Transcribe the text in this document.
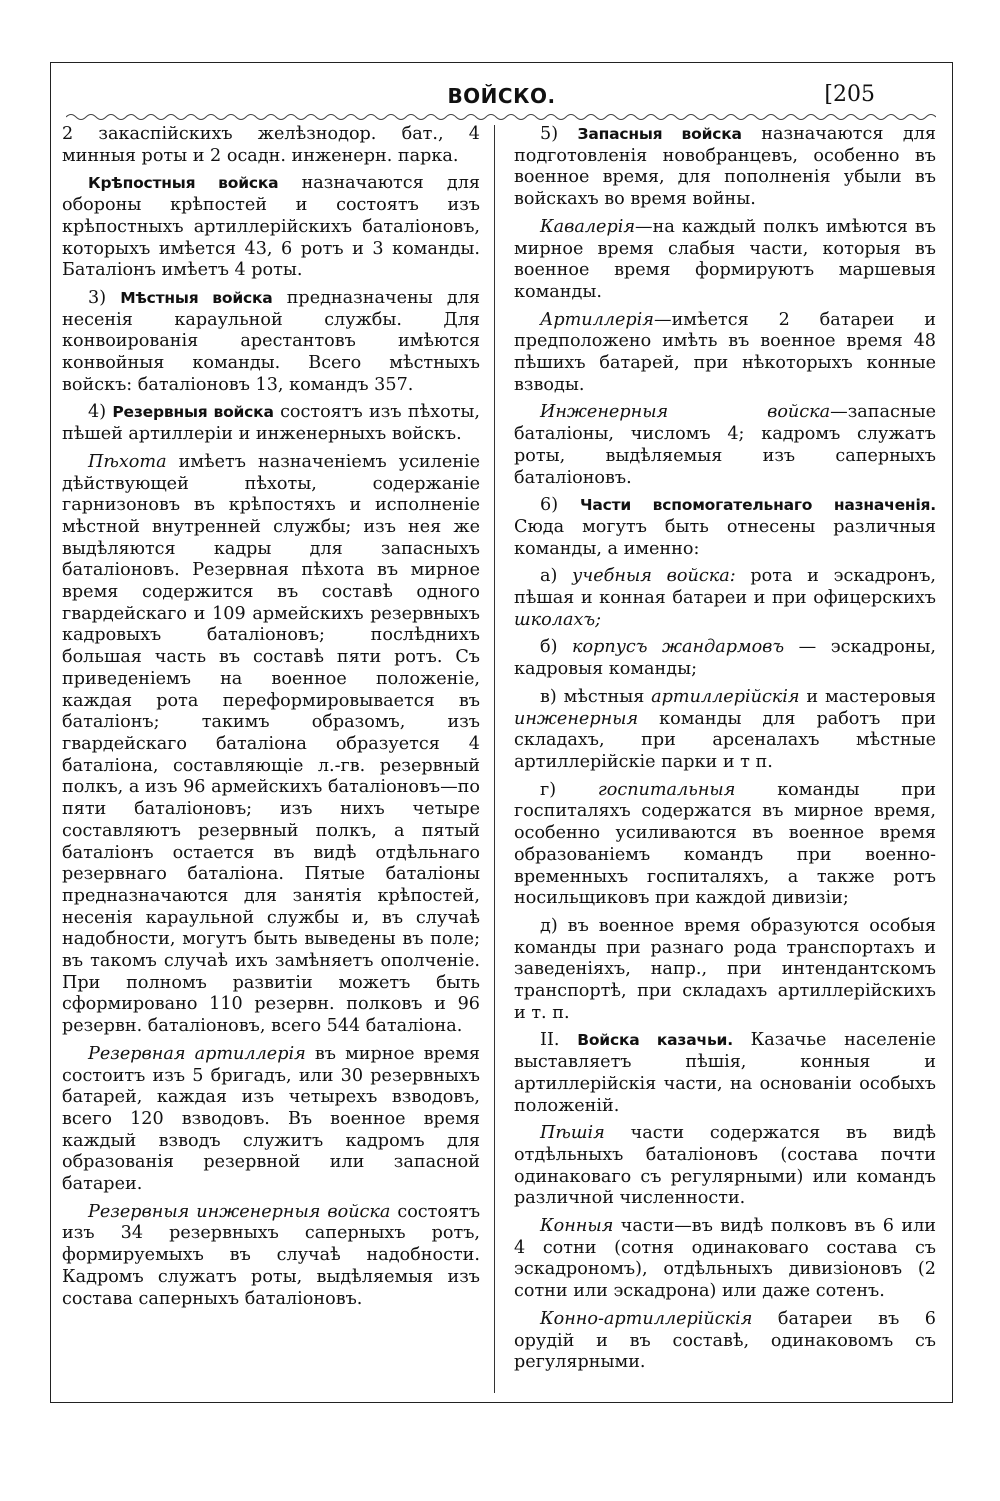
ВОЙСКО.	[205

2 закаспiйскихъ желѣзнодор. бат., 4 минныя роты и 2 осадн. инженерн. парка.

Крѣпостныя войска назначаются для обороны крѣпостей и состоятъ изъ крѣпостныхъ артиллерiйскихъ баталiоновъ, которыхъ имѣется 43, 6 ротъ и 3 команды. Баталiонъ имѣетъ 4 роты.

3) Мѣстныя войска предназначены для несенiя караульной службы. Для конвоированiя арестантовъ имѣются конвойныя команды. Всего мѣстныхъ войскъ: баталiоновъ 13, командъ 357.

4) Резервныя войска состоятъ изъ пѣхоты, пѣшей артиллерiи и инженерныхъ войскъ.

Пѣхота имѣетъ назначенiемъ усиленiе дѣйствующей пѣхоты, содержанiе гарнизоновъ въ крѣпостяхъ и исполненiе мѣстной внутренней службы; изъ нея же выдѣляются кадры для запасныхъ баталiоновъ. Резервная пѣхота въ мирное время содержится въ составѣ одного гвардейскаго и 109 армейскихъ резервныхъ кадровыхъ баталiоновъ; послѣднихъ большая часть въ составѣ пяти ротъ. Съ приведенiемъ на военное положенiе, каждая рота переформировывается въ баталiонъ; такимъ образомъ, изъ гвардейскаго баталiона образуется 4 баталiона, составляющiе л.-гв. резервный полкъ, а изъ 96 армейскихъ баталiоновъ—по пяти баталiоновъ; изъ нихъ четыре составляютъ резервный полкъ, а пятый баталiонъ остается въ видѣ отдѣльнаго резервнаго баталiона. Пятые баталiоны предназначаются для занятiя крѣпостей, несенiя караульной службы и, въ случаѣ надобности, могутъ быть выведены въ поле; въ такомъ случаѣ ихъ замѣняетъ ополченiе. При полномъ развитiи можетъ быть сформировано 110 резервн. полковъ и 96 резервн. баталiоновъ, всего 544 баталiона.

Резервная артиллерiя въ мирное время состоитъ изъ 5 бригадъ, или 30 резервныхъ батарей, каждая изъ четырехъ взводовъ, всего 120 взводовъ. Въ военное время каждый взводъ служитъ кадромъ для образованiя резервной или запасной батареи.

Резервныя инженерныя войска состоятъ изъ 34 резервныхъ саперныхъ ротъ, формируемыхъ въ случаѣ надобности. Кадромъ служатъ роты, выдѣляемыя изъ состава саперныхъ баталiоновъ.

5) Запасныя войска назначаются для подготовленiя новобранцевъ, особенно въ военное время, для пополненiя убыли въ войскахъ во время войны.

Кавалерiя—на каждый полкъ имѣются въ мирное время слабыя части, которыя въ военное время формируютъ маршевыя команды.

Артиллерiя—имѣется 2 батареи и предположено имѣть въ военное время 48 пѣшихъ батарей, при нѣкоторыхъ конные взводы.

Инженерныя войска—запасные баталiоны, числомъ 4; кадромъ служатъ роты, выдѣляемыя изъ саперныхъ баталiоновъ.

6) Части вспомогательнаго назначенiя. Сюда могутъ быть отнесены различныя команды, а именно:

а) учебныя войска: рота и эскадронъ, пѣшая и конная батареи и при офицерскихъ школахъ;

б) корпусъ жандармовъ — эскадроны, кадровыя команды;

в) мѣстныя артиллерiйскiя и мастеровыя инженерныя команды для работъ при складахъ, при арсеналахъ мѣстные артиллерiйскiе парки и т п.

г) госпитальныя команды при госпиталяхъ содержатся въ мирное время, особенно усиливаются въ военное время образованiемъ командъ при военно-временныхъ госпиталяхъ, а также ротъ носильщиковъ при каждой дивизiи;

д) въ военное время образуются особыя команды при разнаго рода транспортахъ и заведенiяхъ, напр., при интендантскомъ транспортѣ, при складахъ артиллерiйскихъ и т. п.

II. Войска казачьи. Казачье населенiе выставляетъ пѣшiя, конныя и артиллерiйскiя части, на основанiи особыхъ положенiй.

Пѣшiя части содержатся въ видѣ отдѣльныхъ баталiоновъ (состава почти одинаковаго съ регулярными) или командъ различной численности.

Конныя части—въ видѣ полковъ въ 6 или 4 сотни (сотня одинаковаго состава съ эскадрономъ), отдѣльныхъ дивизiоновъ (2 сотни или эскадрона) или даже сотенъ.

Конно-артиллерiйскiя батареи въ 6 орудiй и въ составѣ, одинаковомъ съ регулярными.
